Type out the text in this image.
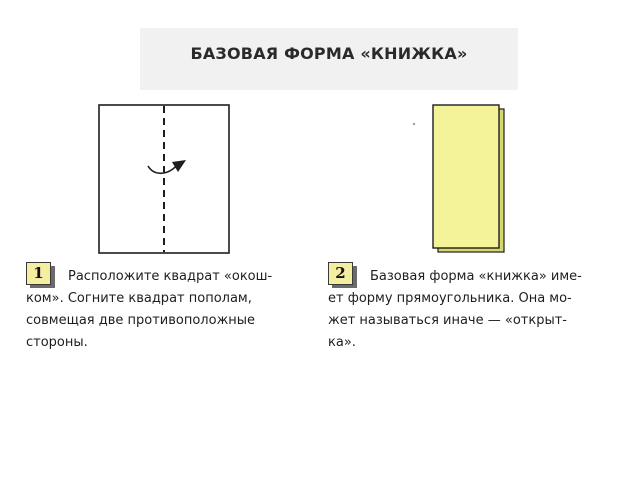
БАЗОВАЯ ФОРМА «КНИЖКА»
1	Расположите квадрат «окош-
ком». Согните квадрат пополам,
совмещая две противоположные
стороны.
2	Базовая форма «книжка» име-
ет форму прямоугольника. Она мо-
жет называться иначе — «открыт-
ка».
